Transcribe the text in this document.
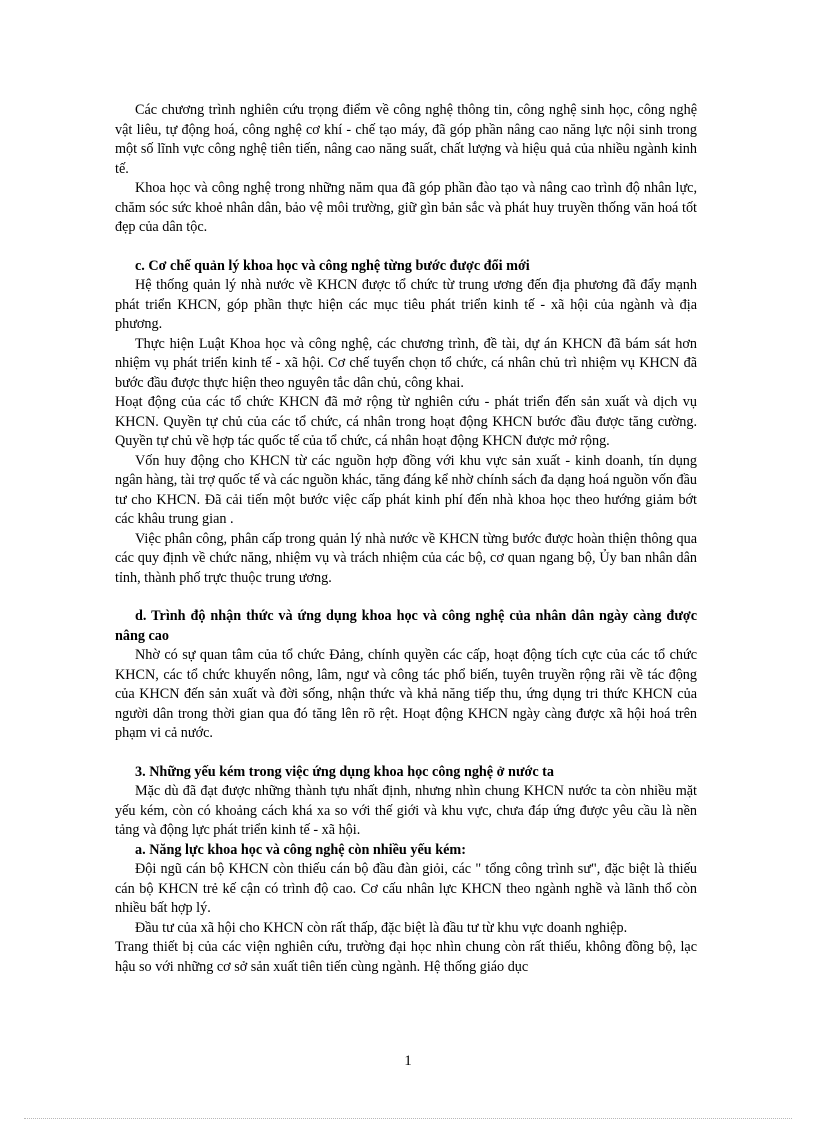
Các chương trình nghiên cứu trọng điểm về công nghệ thông tin, công nghệ sinh học, công nghệ vật liêu, tự động hoá, công nghệ cơ khí - chế tạo máy, đã góp phần nâng cao năng lực nội sinh trong một số lĩnh vực công nghệ tiên tiến, nâng cao năng suất, chất lượng và hiệu quả của nhiều ngành kinh tế.

Khoa học và công nghệ trong những năm qua đã góp phần đào tạo và nâng cao trình độ nhân lực, chăm sóc sức khoẻ nhân dân, bảo vệ môi trường, giữ gìn bản sắc và phát huy truyền thống văn hoá tốt đẹp của dân tộc.

c. Cơ chế quản lý khoa học và công nghệ từng bước được đổi mới

Hệ thống quản lý nhà nước về KHCN được tổ chức từ trung ương đến địa phương đã đẩy mạnh phát triển KHCN, góp phần thực hiện các mục tiêu phát triển kinh tế - xã hội của ngành và địa phương.

Thực hiện Luật Khoa học và công nghệ, các chương trình, đề tài, dự án KHCN đã bám sát hơn nhiệm vụ phát triển kinh tế - xã hội. Cơ chế tuyển chọn tổ chức, cá nhân chủ trì nhiệm vụ KHCN đã bước đầu được thực hiện theo nguyên tắc dân chủ, công khai.

Hoạt động của các tổ chức KHCN đã mở rộng từ nghiên cứu - phát triển đến sản xuất và dịch vụ KHCN. Quyền tự chủ của các tổ chức, cá nhân trong hoạt động KHCN bước đầu được tăng cường. Quyền tự chủ về hợp tác quốc tế của tổ chức, cá nhân hoạt động KHCN được mở rộng.

Vốn huy động cho KHCN từ các nguồn hợp đồng với khu vực sản xuất - kinh doanh, tín dụng ngân hàng, tài trợ quốc tế và các nguồn khác, tăng đáng kể nhờ chính sách đa dạng hoá nguồn vốn đầu tư cho KHCN. Đã cải tiến một bước việc cấp phát kinh phí đến nhà khoa học theo hướng giảm bớt các khâu trung gian .

Việc phân công, phân cấp trong quản lý nhà nước về KHCN từng bước được hoàn thiện thông qua các quy định về chức năng, nhiệm vụ và trách nhiệm của các bộ, cơ quan ngang bộ, Ủy ban nhân dân tỉnh, thành phố trực thuộc trung ương.

d. Trình độ nhận thức và ứng dụng khoa học và công nghệ của nhân dân ngày càng được nâng cao

Nhờ có sự quan tâm của tổ chức Đảng, chính quyền các cấp, hoạt động tích cực của các tổ chức KHCN, các tổ chức khuyến nông, lâm, ngư và công tác phổ biến, tuyên truyền rộng rãi về tác động của KHCN đến sản xuất và đời sống, nhận thức và khả năng tiếp thu, ứng dụng tri thức KHCN của người dân trong thời gian qua đó tăng lên rõ rệt. Hoạt động KHCN ngày càng được xã hội hoá trên phạm vi cả nước.

3. Những yếu kém trong việc ứng dụng khoa học công nghệ ở nước ta

Mặc dù đã đạt được những thành tựu nhất định, nhưng nhìn chung KHCN nước ta còn nhiều mặt yếu kém, còn có khoảng cách khá xa so với thế giới và khu vực, chưa đáp ứng được yêu cầu là nền tảng và động lực phát triển kinh tế - xã hội.

a. Năng lực khoa học và công nghệ còn nhiều yếu kém:

Đội ngũ cán bộ KHCN còn thiếu cán bộ đầu đàn giỏi, các " tổng công trình sư", đặc biệt là thiếu cán bộ KHCN trẻ kế cận có trình độ cao. Cơ cấu nhân lực KHCN theo ngành nghề và lãnh thổ còn nhiều bất hợp lý.

Đầu tư của xã hội cho KHCN còn rất thấp, đặc biệt là đầu tư từ khu vực doanh nghiệp.

Trang thiết bị của các viện nghiên cứu, trường đại học nhìn chung còn rất thiếu, không đồng bộ, lạc hậu so với những cơ sở sản xuất tiên tiến cùng ngành. Hệ thống giáo dục

1
